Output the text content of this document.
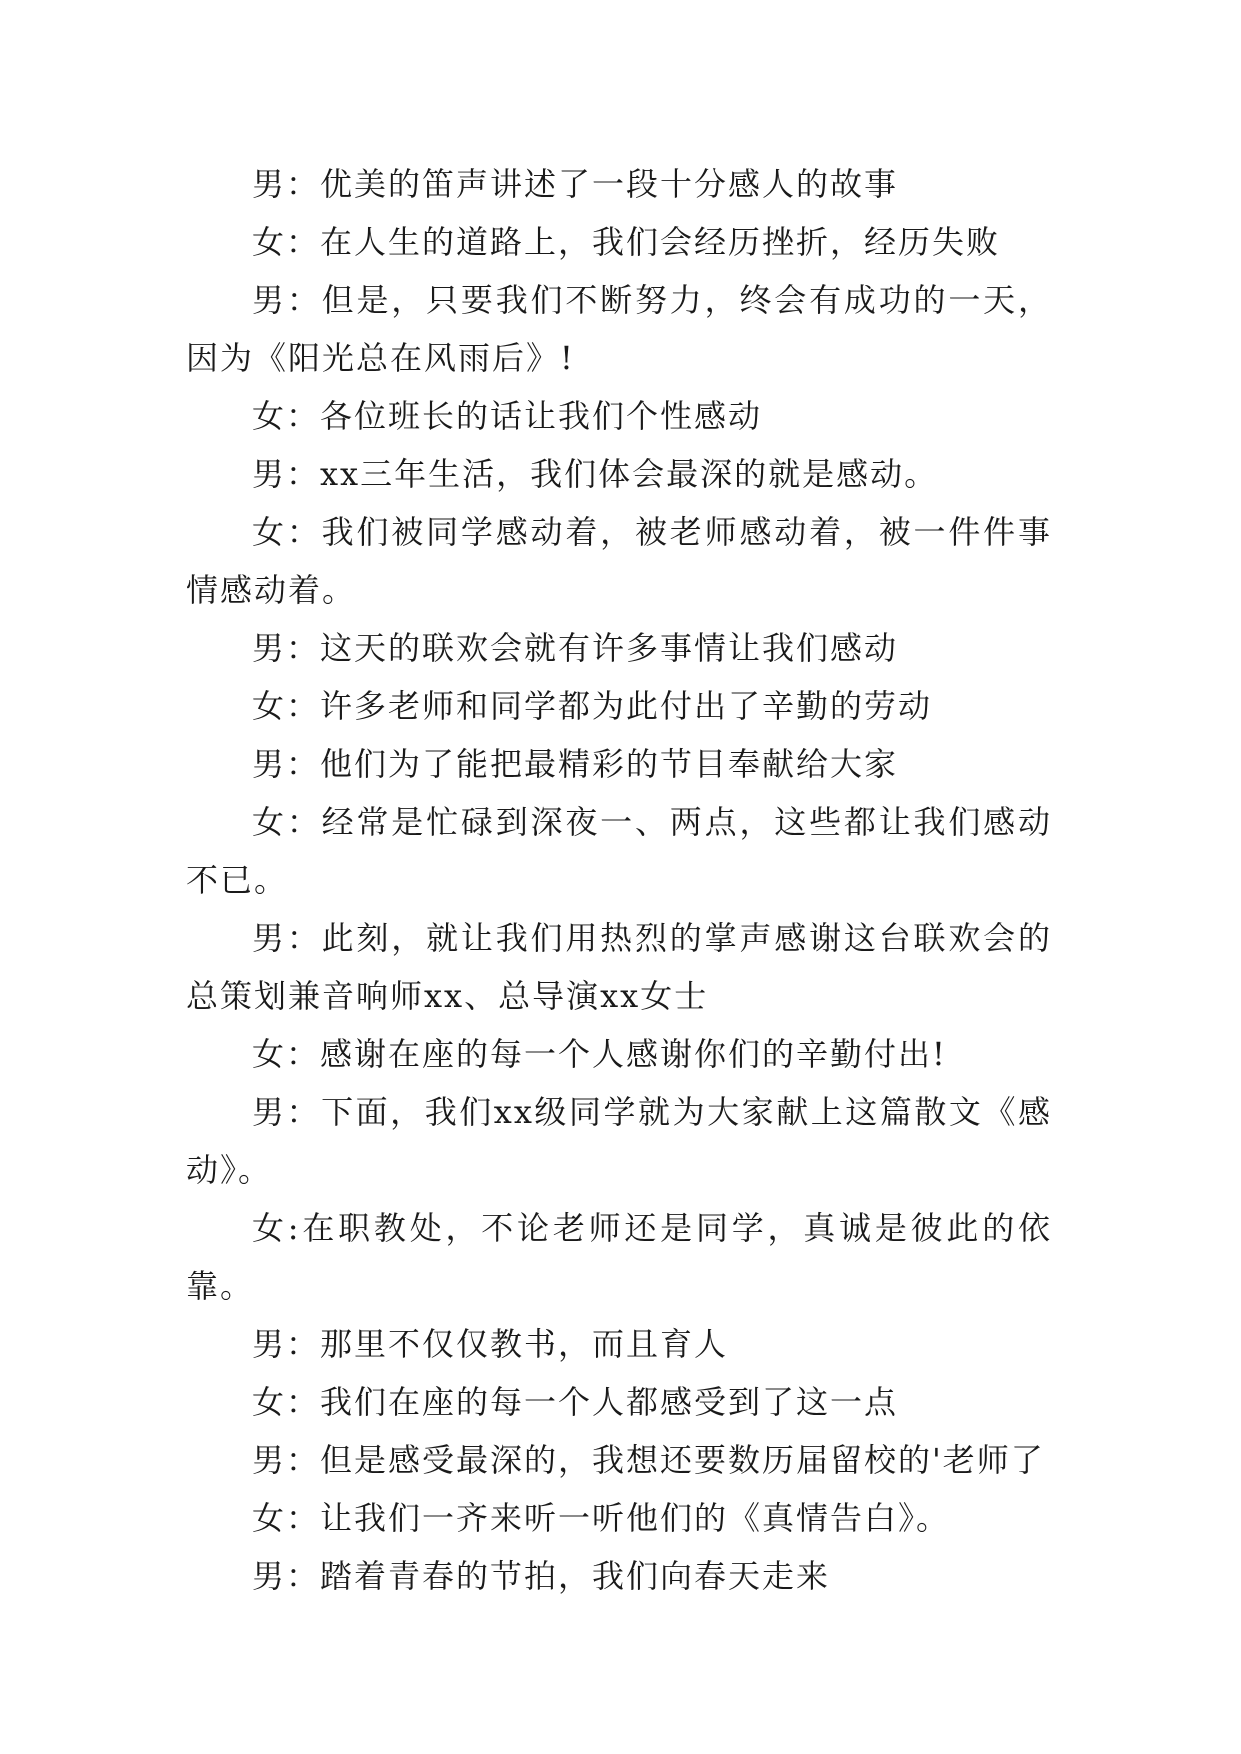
男：优美的笛声讲述了一段十分感人的故事

女：在人生的道路上，我们会经历挫折，经历失败

男：但是，只要我们不断努力，终会有成功的一天，因为《阳光总在风雨后》!

女：各位班长的话让我们个性感动

男：xx三年生活，我们体会最深的就是感动。

女：我们被同学感动着，被老师感动着，被一件件事情感动着。

男：这天的联欢会就有许多事情让我们感动

女：许多老师和同学都为此付出了辛勤的劳动

男：他们为了能把最精彩的节目奉献给大家

女：经常是忙碌到深夜一、两点，这些都让我们感动不已。

男：此刻，就让我们用热烈的掌声感谢这台联欢会的总策划兼音响师xx、总导演xx女士

女：感谢在座的每一个人感谢你们的辛勤付出!

男：下面，我们xx级同学就为大家献上这篇散文《感动》。

女:在职教处，不论老师还是同学，真诚是彼此的依靠。

男：那里不仅仅教书，而且育人

女：我们在座的每一个人都感受到了这一点

男：但是感受最深的，我想还要数历届留校的'老师了

女：让我们一齐来听一听他们的《真情告白》。

男：踏着青春的节拍，我们向春天走来
